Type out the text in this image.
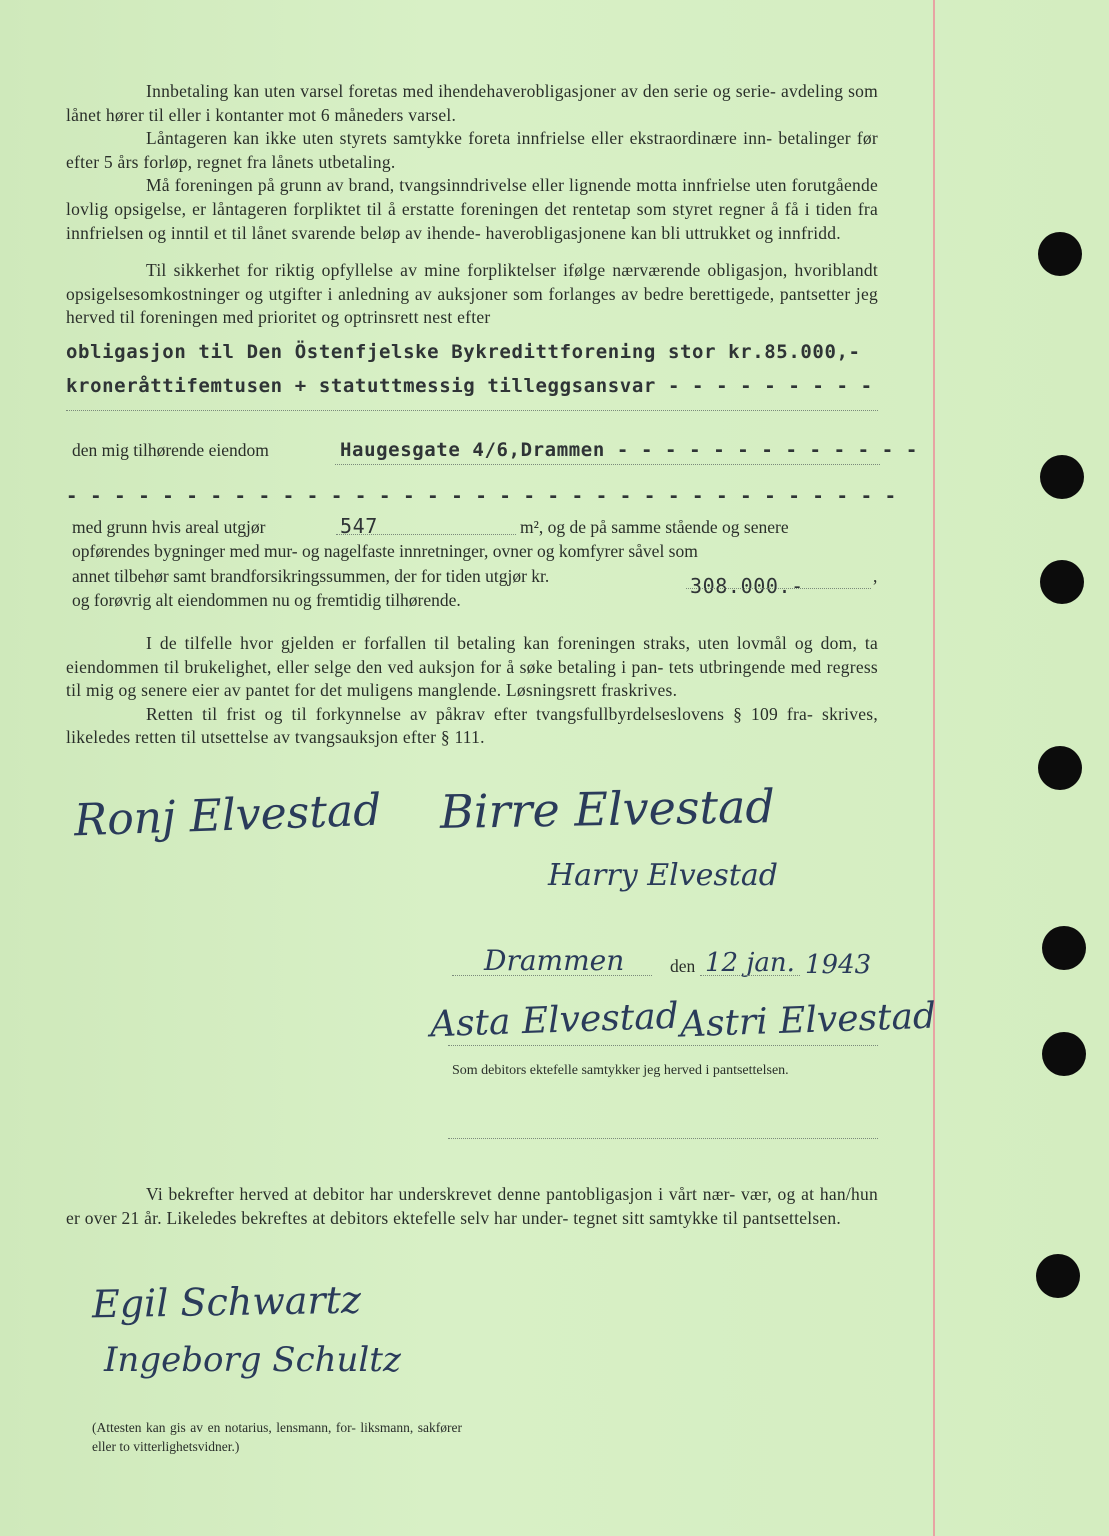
Innbetaling kan uten varsel foretas med ihendehaverobligasjoner av den serie og serie- avdeling som lånet hører til eller i kontanter mot 6 måneders varsel.

Låntageren kan ikke uten styrets samtykke foreta innfrielse eller ekstraordinære inn- betalinger før efter 5 års forløp, regnet fra lånets utbetaling.

Må foreningen på grunn av brand, tvangsinndrivelse eller lignende motta innfrielse uten forutgående lovlig opsigelse, er låntageren forpliktet til å erstatte foreningen det rentetap som styret regner å få i tiden fra innfrielsen og inntil et til lånet svarende beløp av ihende- haverobligasjonene kan bli uttrukket og innfridd.

Til sikkerhet for riktig opfyllelse av mine forpliktelser ifølge nærværende obligasjon, hvoriblandt opsigelsesomkostninger og utgifter i anledning av auksjoner som forlanges av bedre berettigede, pantsetter jeg herved til foreningen med prioritet og optrinsrett nest efter
obligasjon til Den Östenfjelske Bykredittforening stor kr.85.000,-
kroneråttifemtusen + statuttmessig tilleggsansvar - - - - - - - - -
den mig tilhørende eiendom	Haugesgate 4/6,Drammen - - - - - - - - - - - - -
- - - - - - - - - - - - - - - - - - - - - - - - - - - - - - - - - - -
med grunn hvis areal utgjør	547	m², og de på samme stående og senere
opførendes bygninger med mur- og nagelfaste innretninger, ovner og komfyrer såvel som
annet tilbehør samt brandforsikringssummen, der for tiden utgjør kr.	308.000.-	,
og forøvrig alt eiendommen nu og fremtidig tilhørende.

I de tilfelle hvor gjelden er forfallen til betaling kan foreningen straks, uten lovmål og dom, ta eiendommen til brukelighet, eller selge den ved auksjon for å søke betaling i pan- tets utbringende med regress til mig og senere eier av pantet for det muligens manglende. Løsningsrett fraskrives.

Retten til frist og til forkynnelse av påkrav efter tvangsfullbyrdelseslovens § 109 fra- skrives, likeledes retten til utsettelse av tvangsauksjon efter § 111.

Ronj Elvestad Birre Elvestad
Harry Elvestad
Drammen	den 12 jan. 1943
Asta Elvestad Astri Elvestad
Som debitors ektefelle samtykker jeg herved i pantsettelsen.
Vi bekrefter herved at debitor har underskrevet denne pantobligasjon i vårt nær- vær, og at han/hun er over 21 år. Likeledes bekreftes at debitors ektefelle selv har under- tegnet sitt samtykke til pantsettelsen.
Egil Schwartz
Ingeborg Schultz
(Attesten kan gis av en notarius, lensmann, for- liksmann, sakfører eller to vitterlighetsvidner.)
